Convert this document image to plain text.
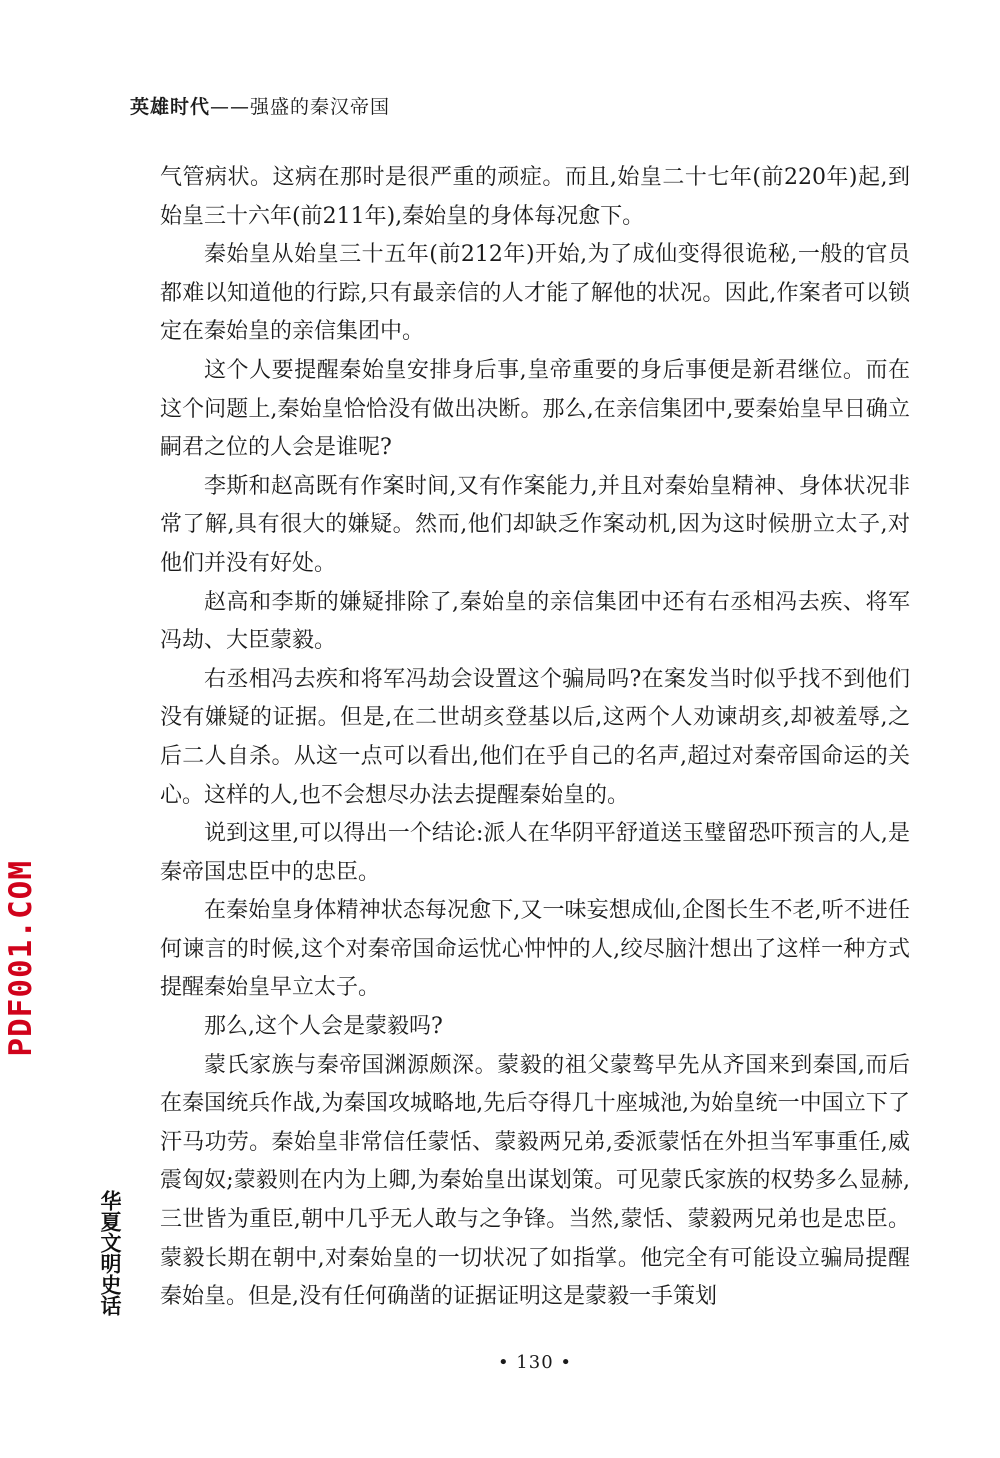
英雄时代——强盛的秦汉帝国

气管病状。这病在那时是很严重的顽症。而且,始皇二十七年(前220年)起,到始皇三十六年(前211年),秦始皇的身体每况愈下。

秦始皇从始皇三十五年(前212年)开始,为了成仙变得很诡秘,一般的官员都难以知道他的行踪,只有最亲信的人才能了解他的状况。因此,作案者可以锁定在秦始皇的亲信集团中。

这个人要提醒秦始皇安排身后事,皇帝重要的身后事便是新君继位。而在这个问题上,秦始皇恰恰没有做出决断。那么,在亲信集团中,要秦始皇早日确立嗣君之位的人会是谁呢?

李斯和赵高既有作案时间,又有作案能力,并且对秦始皇精神、身体状况非常了解,具有很大的嫌疑。然而,他们却缺乏作案动机,因为这时候册立太子,对他们并没有好处。

赵高和李斯的嫌疑排除了,秦始皇的亲信集团中还有右丞相冯去疾、将军冯劫、大臣蒙毅。

右丞相冯去疾和将军冯劫会设置这个骗局吗?在案发当时似乎找不到他们没有嫌疑的证据。但是,在二世胡亥登基以后,这两个人劝谏胡亥,却被羞辱,之后二人自杀。从这一点可以看出,他们在乎自己的名声,超过对秦帝国命运的关心。这样的人,也不会想尽办法去提醒秦始皇的。

说到这里,可以得出一个结论:派人在华阴平舒道送玉璧留恐吓预言的人,是秦帝国忠臣中的忠臣。

在秦始皇身体精神状态每况愈下,又一味妄想成仙,企图长生不老,听不进任何谏言的时候,这个对秦帝国命运忧心忡忡的人,绞尽脑汁想出了这样一种方式提醒秦始皇早立太子。

那么,这个人会是蒙毅吗?

蒙氏家族与秦帝国渊源颇深。蒙毅的祖父蒙骜早先从齐国来到秦国,而后在秦国统兵作战,为秦国攻城略地,先后夺得几十座城池,为始皇统一中国立下了汗马功劳。秦始皇非常信任蒙恬、蒙毅两兄弟,委派蒙恬在外担当军事重任,威震匈奴;蒙毅则在内为上卿,为秦始皇出谋划策。可见蒙氏家族的权势多么显赫,三世皆为重臣,朝中几乎无人敢与之争锋。当然,蒙恬、蒙毅两兄弟也是忠臣。蒙毅长期在朝中,对秦始皇的一切状况了如指掌。他完全有可能设立骗局提醒秦始皇。但是,没有任何确凿的证据证明这是蒙毅一手策划

PDF001.COM
华夏文明史话
• 130 •
